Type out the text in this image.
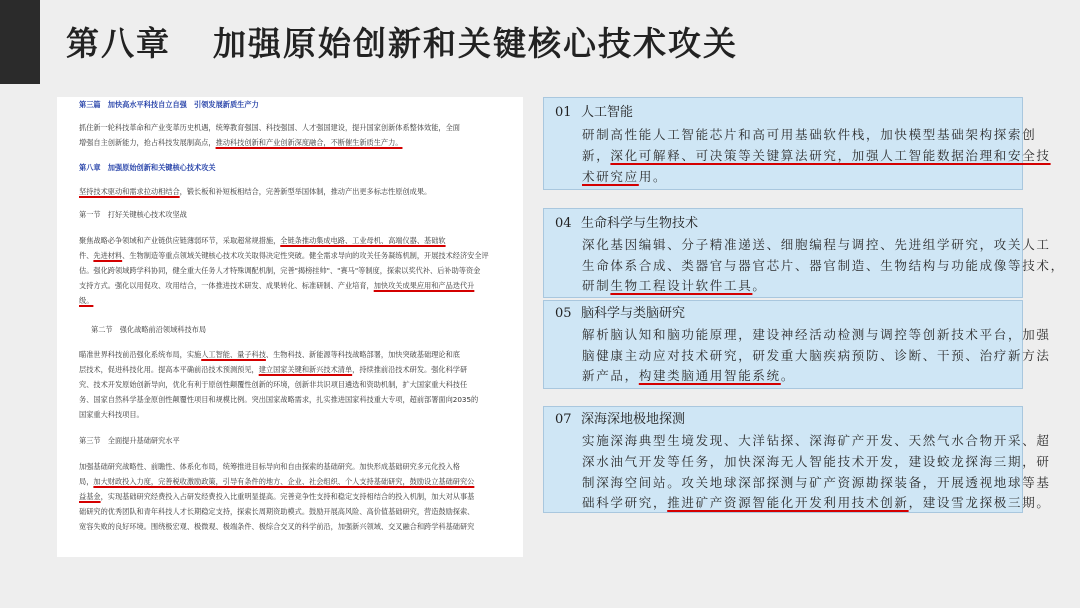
第八章 加强原始创新和关键核心技术攻关
第三篇　加快高水平科技自立自强　引领发展新质生产力
抓住新一轮科技革命和产业变革历史机遇，统筹教育强国、科技强国、人才强国建设，提升国家创新体系整体效能，全面
增强自主创新能力，抢占科技发展制高点，推动科技创新和产业创新深度融合，不断催生新质生产力。
第八章　加强原始创新和关键核心技术攻关
坚持技术驱动和需求拉动相结合，锻长板和补短板相结合，完善新型举国体制，推动产出更多标志性原创成果。
第一节　打好关键核心技术攻坚战
聚焦战略必争领域和产业链供应链薄弱环节，采取超常规措施，全链条推动集成电路、工业母机、高端仪器、基础软
件、先进材料、生物制造等重点领域关键核心技术攻关取得决定性突破。健全需求导向的攻关任务凝练机制，开展技术经济安全评
估。强化跨领域跨学科协同，健全重大任务人才特殊调配机制，完善"揭榜挂帅"、"赛马"等制度，探索以奖代补、后补助等资金
支持方式。强化以用促攻、攻用结合，一体推进技术研发、成果转化、标准研制、产业培育，加快攻关成果应用和产品迭代升
级。
第二节　强化战略前沿领域科技布局
瞄准世界科技前沿强化系统布局，实施人工智能、量子科技、生物科技、新能源等科技战略部署，加快突破基础理论和底
层技术，促进科技化用。提高本平确前沿技术预测预见，建立国家关键和新兴技术清单，持续推前沿技术研发。强化科学研
究、技术开发原始创新导向，优化有利于原创性颠覆性创新的环境，创新非共识项目遴选和资助机制，扩大国家重大科技任
务、国家自然科学基金原创性颠覆性项目和规模比例。突出国家战略需求，扎实推进国家科技重大专项，超前部署面向2035的
国家重大科技项目。
第三节　全面提升基础研究水平
加强基础研究战略性、前瞻性、体系化布局，统筹推进目标导向和自由探索的基础研究。加快形成基础研究多元化投入格
局，加大财政投入力度，完善税收激励政策，引导有条件的地方、企业、社会组织、个人支持基础研究，鼓励设立基础研究公
益基金，实现基础研究经费投入占研发经费投入比重明显提高。完善竞争性支持和稳定支持相结合的投入机制，加大对从事基
础研究的优秀团队和青年科技人才长期稳定支持，探索长周期资助模式。鼓励开展高风险、高价值基础研究，营造鼓励探索、
宽容失败的良好环境。围绕极宏观、极微观、极端条件、极综合交叉的科学前沿，加强新兴领域、交叉融合和跨学科基础研究
01 人工智能
研制高性能人工智能芯片和高可用基础软件栈，加快模型基础架构探索创
新，深化可解释、可决策等关键算法研究，加强人工智能数据治理和安全技
术研究应用。
04 生命科学与生物技术
深化基因编辑、分子精准递送、细胞编程与调控、先进组学研究，攻关人工
生命体系合成、类器官与器官芯片、器官制造、生物结构与功能成像等技术，
研制生物工程设计软件工具。
05 脑科学与类脑研究
解析脑认知和脑功能原理，建设神经活动检测与调控等创新技术平台，加强
脑健康主动应对技术研究，研发重大脑疾病预防、诊断、干预、治疗新方法
新产品，构建类脑通用智能系统。
07 深海深地极地探测
实施深海典型生境发现、大洋钻探、深海矿产开发、天然气水合物开采、超
深水油气开发等任务，加快深海无人智能技术开发，建设蛟龙探海三期，研
制深海空间站。攻关地球深部探测与矿产资源勘探装备，开展透视地球等基
础科学研究，推进矿产资源智能化开发利用技术创新，建设雪龙探极三期。
